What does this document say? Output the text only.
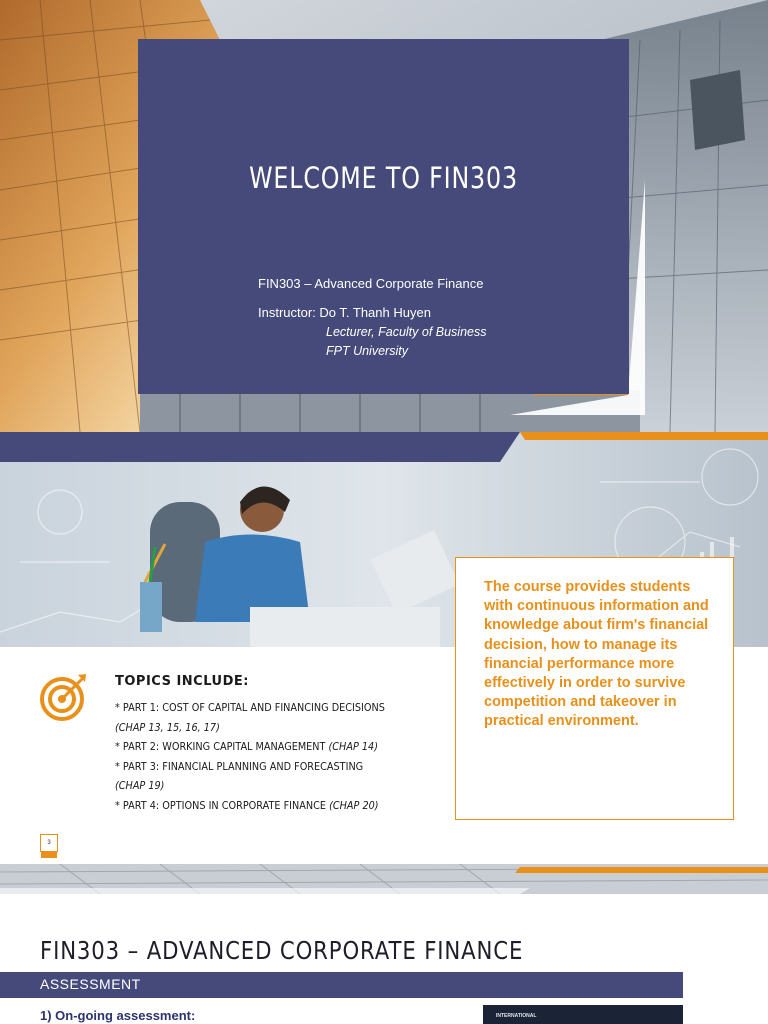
WELCOME TO FIN303
FIN303 – Advanced Corporate Finance
Instructor: Do T. Thanh Huyen
Lecturer, Faculty of Business
FPT University
The course provides students with continuous information and knowledge about firm's financial decision, how to manage its financial performance more effectively in order to survive competition and takeover in practical environment.
TOPICS INCLUDE:
* PART 1: COST OF CAPITAL AND FINANCING DECISIONS
(CHAP 13, 15, 16, 17)
* PART 2: WORKING CAPITAL MANAGEMENT (CHAP 14)
* PART 3: FINANCIAL PLANNING AND FORECASTING
(CHAP 19)
* PART 4: OPTIONS IN CORPORATE FINANCE (CHAP 20)
3
FIN303 – ADVANCED CORPORATE FINANCE
ASSESSMENT
1) On-going assessment:	INTERNATIONAL
